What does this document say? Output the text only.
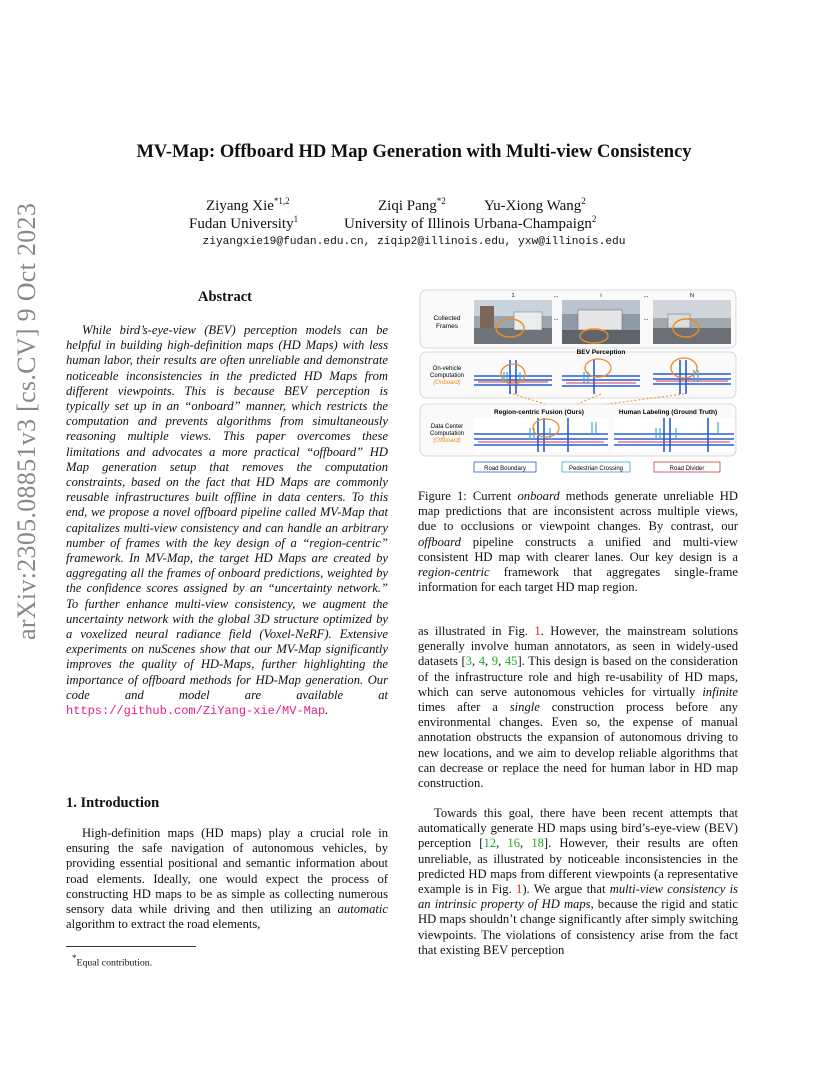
MV-Map: Offboard HD Map Generation with Multi-view Consistency
Ziyang Xie$^{*1,2}$	Ziqi Pang$^{*2}$	Yu-Xiong Wang$^2$
Fudan University$^1$	University of Illinois Urbana-Champaign$^2$
ziyangxie19@fudan.edu.cn, ziqip2@illinois.edu, yxw@illinois.edu
arXiv:2305.08851v3 [cs.CV] 9 Oct 2023	Abstract
While bird’s-eye-view (BEV) perception models can be helpful in building high-definition maps (HD Maps) with less human labor, their results are often unreliable and demonstrate noticeable inconsistencies in the predicted HD Maps from different viewpoints. This is because BEV perception is typically set up in an “onboard” manner, which restricts the computation and prevents algorithms from simultaneously reasoning multiple views. This paper overcomes these limitations and advocates a more practical “offboard” HD Map generation setup that removes the computation constraints, based on the fact that HD Maps are commonly reusable infrastructures built offline in data centers. To this end, we propose a novel offboard pipeline called MV-Map that capitalizes multi-view consistency and can handle an arbitrary number of frames with the key design of a “region-centric” framework. In MV-Map, the target HD Maps are created by aggregating all the frames of onboard predictions, weighted by the confidence scores assigned by an “uncertainty network.” To further enhance multi-view consistency, we augment the uncertainty network with the global 3D structure optimized by a voxelized neural radiance field (Voxel-NeRF). Extensive experiments on nuScenes show that our MV-Map significantly improves the quality of HD-Maps, further highlighting the importance of offboard methods for HD-Map generation. Our code and model are available at https://github.com/ZiYang-xie/MV-Map.
1. Introduction
High-definition maps (HD maps) play a crucial role in ensuring the safe navigation of autonomous vehicles, by providing essential positional and semantic information about road elements. Ideally, one would expect the process of constructing HD maps to be as simple as collecting numerous sensory data while driving and then utilizing an automatic algorithm to extract the road elements,
*Equal contribution.
Collected
Frames
1	i	N
...	...
...	...
BEV Perception
On-vehicle
Computation
(Onboard)
Region-centric Fusion (Ours)	Human Labeling (Ground Truth)
Data Center
Computation
(Offboard)
Road Boundary	Pedestrian Crossing	Road Divider
Figure 1: Current onboard methods generate unreliable HD map predictions that are inconsistent across multiple views, due to occlusions or viewpoint changes. By contrast, our offboard pipeline constructs a unified and multi-view consistent HD map with clearer lanes. Our key design is a region-centric framework that aggregates single-frame information for each target HD map region.
as illustrated in Fig. 1. However, the mainstream solutions generally involve human annotators, as seen in widely-used datasets [3, 4, 9, 45]. This design is based on the consideration of the infrastructure role and high re-usability of HD maps, which can serve autonomous vehicles for virtually infinite times after a single construction process before any environmental changes. Even so, the expense of manual annotation obstructs the expansion of autonomous driving to new locations, and we aim to develop reliable algorithms that can decrease or replace the need for human labor in HD map construction.
Towards this goal, there have been recent attempts that automatically generate HD maps using bird’s-eye-view (BEV) perception [12, 16, 18]. However, their results are often unreliable, as illustrated by noticeable inconsistencies in the predicted HD maps from different viewpoints (a representative example is in Fig. 1). We argue that multi-view consistency is an intrinsic property of HD maps, because the rigid and static HD maps shouldn’t change significantly after simply switching viewpoints. The violations of consistency arise from the fact that existing BEV perception
